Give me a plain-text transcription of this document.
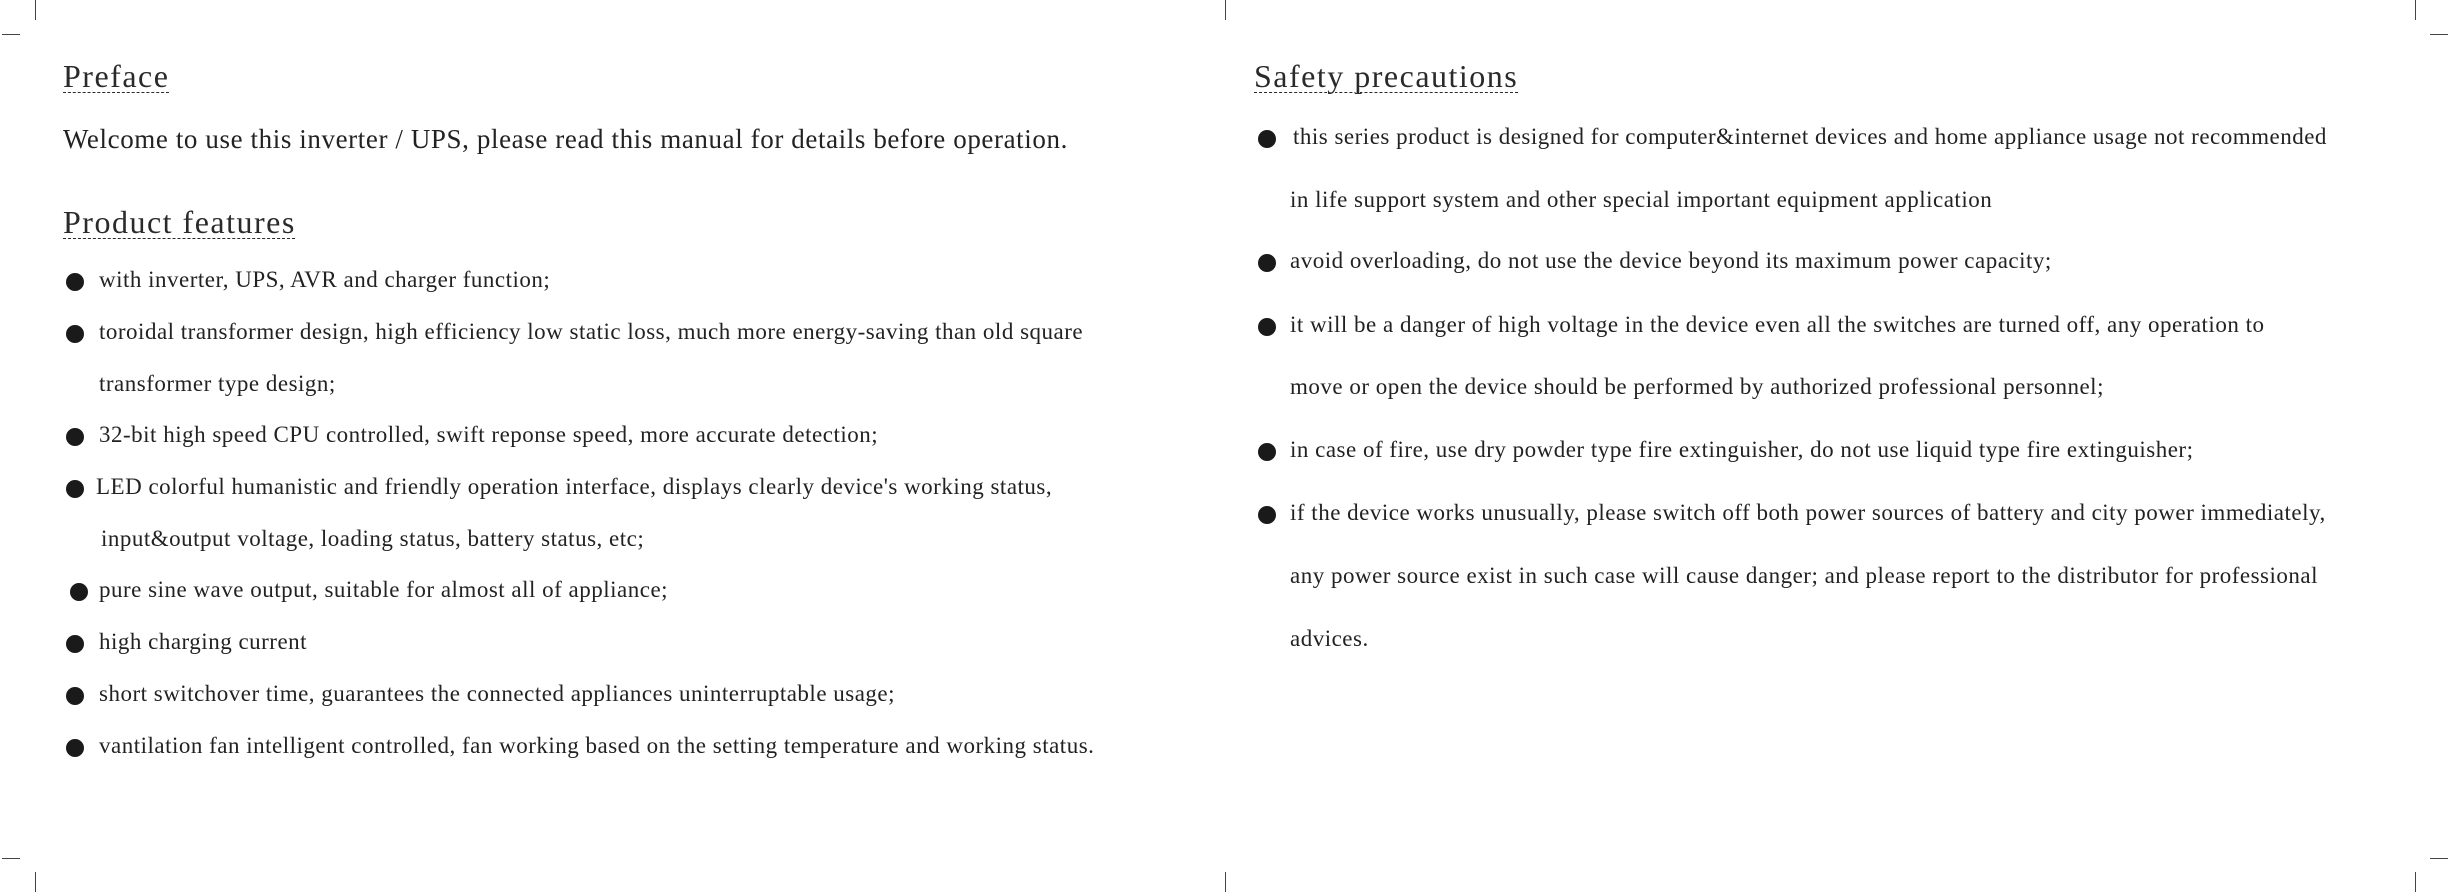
Preface
Welcome to use this inverter / UPS, please read this manual for details before operation.
Product features
with inverter, UPS, AVR and charger function;
toroidal transformer design, high efficiency low static loss, much more energy-saving than old square
transformer type design;
32-bit high speed CPU controlled, swift reponse speed, more accurate detection;
LED colorful humanistic and friendly operation interface, displays clearly device's working status,
input&output voltage, loading status, battery status, etc;
pure sine wave output, suitable for almost all of appliance;
high charging current
short switchover time, guarantees the connected appliances uninterruptable usage;
vantilation fan intelligent controlled, fan working based on the setting temperature and working status.
Safety precautions
this series product is designed for computer&internet devices and home appliance usage not recommended
in life support system and other special important equipment application
avoid overloading, do not use the device beyond its maximum power capacity;
it will be a danger of high voltage in the device even all the switches are turned off, any operation to
move or open the device should be performed by authorized professional personnel;
in case of fire, use dry powder type fire extinguisher, do not use liquid type fire extinguisher;
if the device works unusually, please switch off both power sources of battery and city power immediately,
any power source exist in such case will cause danger; and please report to the distributor for professional
advices.
